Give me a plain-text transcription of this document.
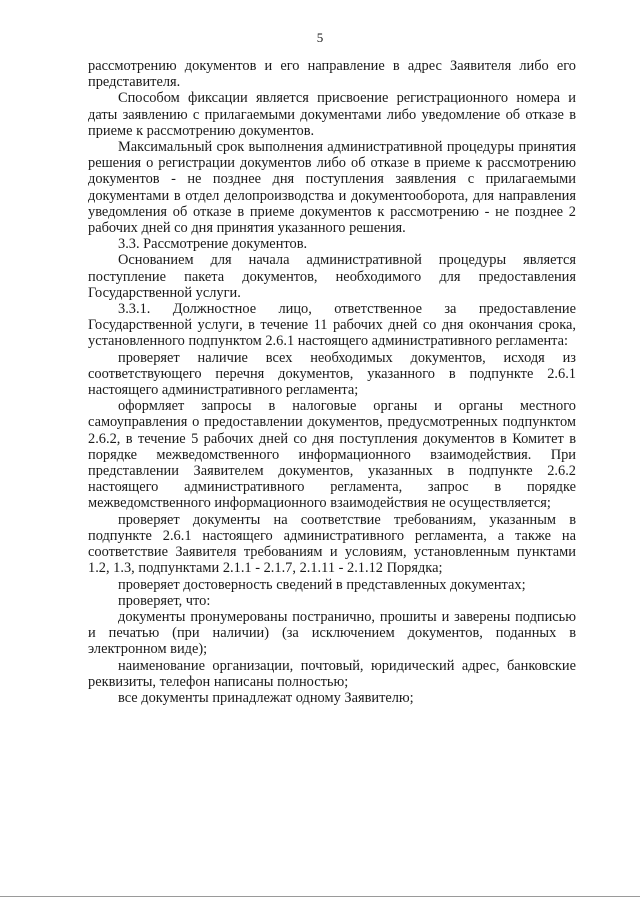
5

рассмотрению документов и его направление в адрес Заявителя либо его представителя.

Способом фиксации является присвоение регистрационного номера и даты заявлению с прилагаемыми документами либо уведомление об отказе в приеме к рассмотрению документов.

Максимальный срок выполнения административной процедуры принятия решения о регистрации документов либо об отказе в приеме к рассмотрению документов - не позднее дня поступления заявления с прилагаемыми документами в отдел делопроизводства и документооборота, для направления уведомления об отказе в приеме документов к рассмотрению - не позднее 2 рабочих дней со дня принятия указанного решения.

3.3. Рассмотрение документов.

Основанием для начала административной процедуры является поступление пакета документов, необходимого для предоставления Государственной услуги.

3.3.1. Должностное лицо, ответственное за предоставление Государственной услуги, в течение 11 рабочих дней со дня окончания срока, установленного подпунктом 2.6.1 настоящего административного регламента:

проверяет наличие всех необходимых документов, исходя из соответствующего перечня документов, указанного в подпункте 2.6.1 настоящего административного регламента;

оформляет запросы в налоговые органы и органы местного самоуправления о предоставлении документов, предусмотренных подпунктом 2.6.2, в течение 5 рабочих дней со дня поступления документов в Комитет в порядке межведомственного информационного взаимодействия. При представлении Заявителем документов, указанных в подпункте 2.6.2 настоящего административного регламента, запрос в порядке межведомственного информационного взаимодействия не осуществляется;

проверяет документы на соответствие требованиям, указанным в подпункте 2.6.1 настоящего административного регламента, а также на соответствие Заявителя требованиям и условиям, установленным пунктами 1.2, 1.3, подпунктами 2.1.1 - 2.1.7, 2.1.11 - 2.1.12 Порядка;

проверяет достоверность сведений в представленных документах;

проверяет, что:

документы пронумерованы постранично, прошиты и заверены подписью и печатью (при наличии) (за исключением документов, поданных в электронном виде);

наименование организации, почтовый, юридический адрес, банковские реквизиты, телефон написаны полностью;

все документы принадлежат одному Заявителю;
